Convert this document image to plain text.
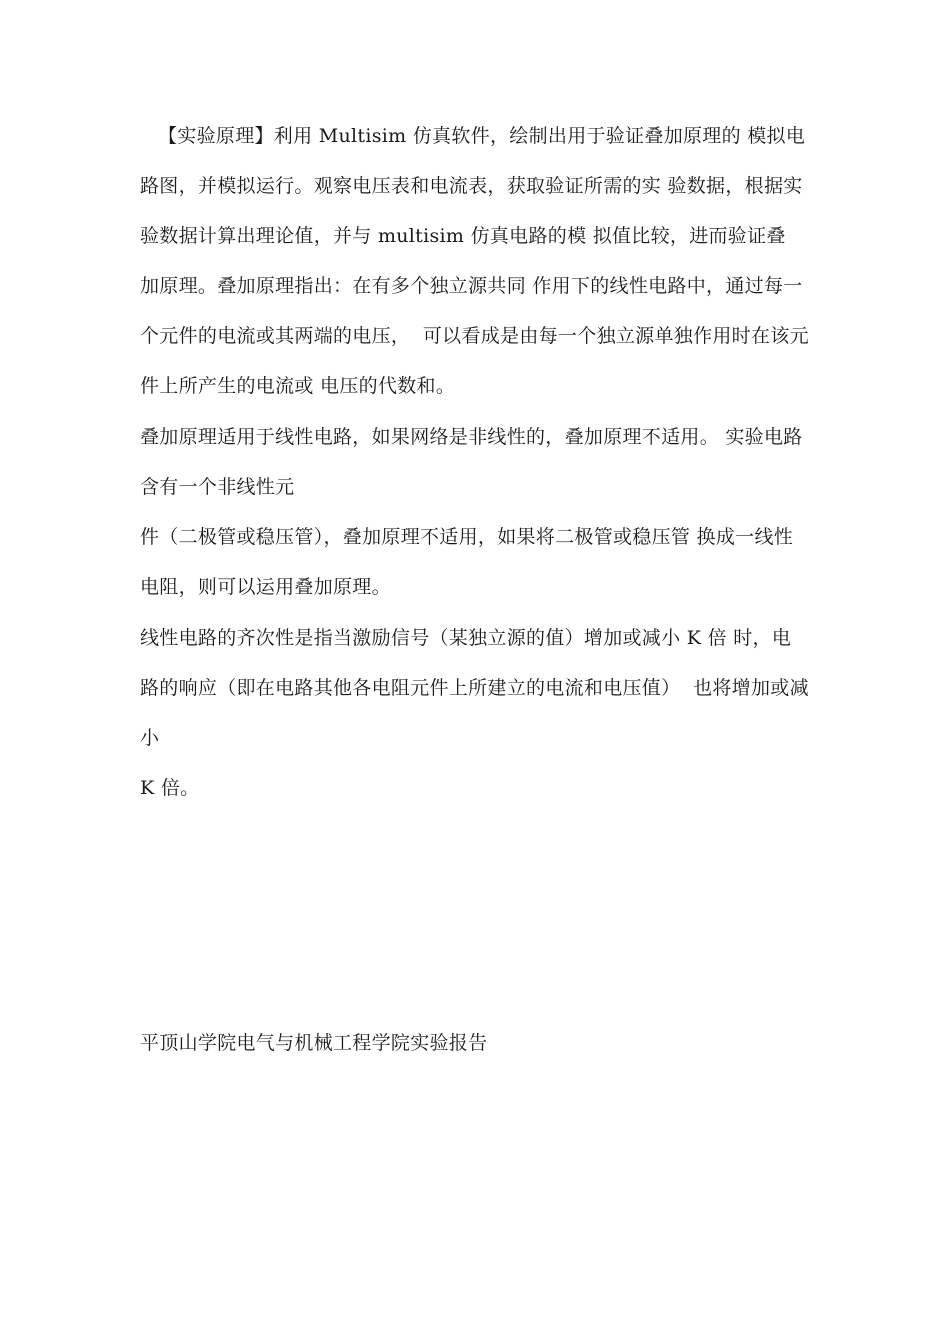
【实验原理】利用 Multisim 仿真软件，绘制出用于验证叠加原理的 模拟电
路图，并模拟运行。观察电压表和电流表，获取验证所需的实 验数据，根据实
验数据计算出理论值，并与 multisim 仿真电路的模 拟值比较，进而验证叠
加原理。叠加原理指出：在有多个独立源共同 作用下的线性电路中，通过每一
个元件的电流或其两端的电压，  可以看成是由每一个独立源单独作用时在该元
件上所产生的电流或 电压的代数和。
叠加原理适用于线性电路，如果网络是非线性的，叠加原理不适用。 实验电路
含有一个非线性元
件（二极管或稳压管），叠加原理不适用，如果将二极管或稳压管 换成一线性
电阻，则可以运用叠加原理。
线性电路的齐次性是指当激励信号（某独立源的值）增加或减小 K 倍 时，电
路的响应（即在电路其他各电阻元件上所建立的电流和电压值）  也将增加或减
小
K 倍。
平顶山学院电气与机械工程学院实验报告
